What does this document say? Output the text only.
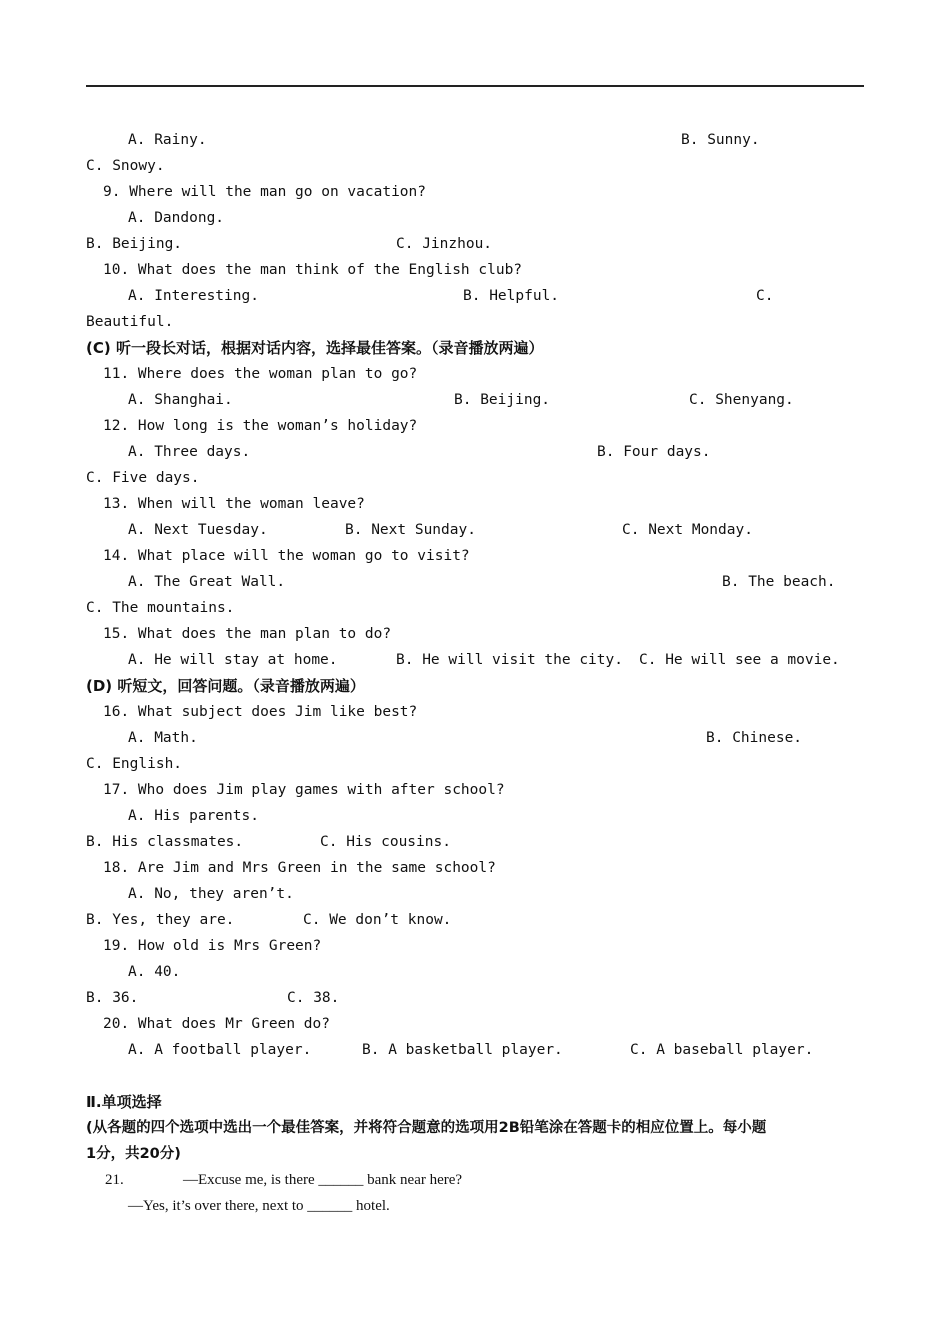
A. Rainy.	B. Sunny.
C. Snowy.
9. Where will the man go on vacation?
A. Dandong.
B. Beijing.	C. Jinzhou.
10. What does the man think of the English club?
A. Interesting.	B. Helpful.	C.
Beautiful.
(C) 听一段长对话，根据对话内容，选择最佳答案。（录音播放两遍）
11. Where does the woman plan to go?
A. Shanghai.	B. Beijing.	C. Shenyang.
12. How long is the woman’s holiday?
A. Three days.	B. Four days.
C. Five days.
13. When will the woman leave?
A. Next Tuesday.	B. Next Sunday.	C. Next Monday.
14. What place will the woman go to visit?
A. The Great Wall.	B. The beach.
C. The mountains.
15. What does the man plan to do?
A. He will stay at home.	B. He will visit the city. C. He will see a movie.
(D) 听短文，回答问题。（录音播放两遍）
16. What subject does Jim like best?
A. Math.	B. Chinese.
C. English.
17. Who does Jim play games with after school?
A. His parents.
B. His classmates.	C. His cousins.
18. Are Jim and Mrs Green in the same school?
A. No, they aren’t.
B. Yes, they are.	C. We don’t know.
19. How old is Mrs Green?
A. 40.
B. 36.	C. 38.
20. What does Mr Green do?
A. A football player.	B. A basketball player.	C. A baseball player.
Ⅱ.单项选择
(从各题的四个选项中选出一个最佳答案，并将符合题意的选项用2B铅笔涂在答题卡的相应位置上。每小题
1分，共20分)
21.	—Excuse me, is there ______ bank near here?
—Yes, it’s over there, next to ______ hotel.
